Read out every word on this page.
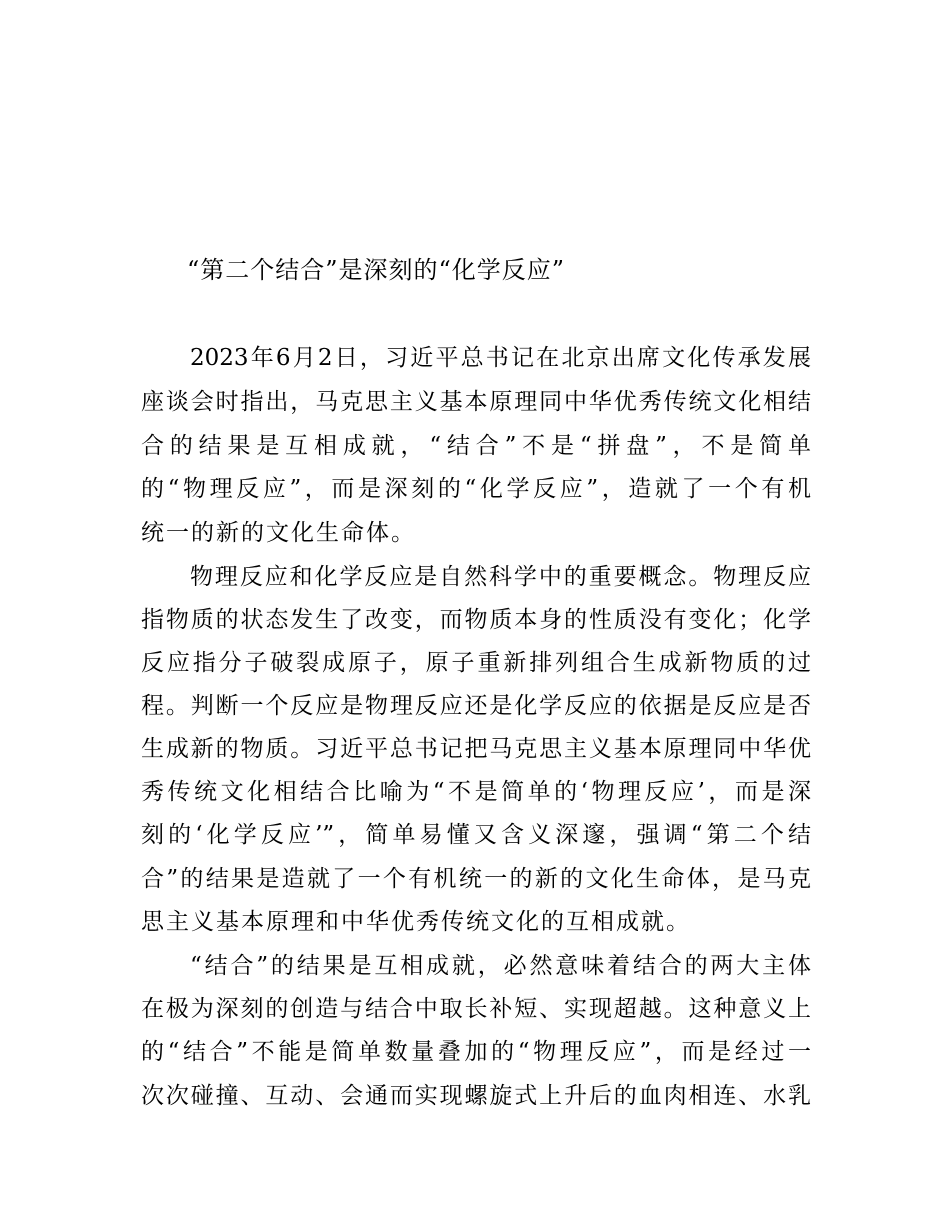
“第二个结合”是深刻的“化学反应”
2023年6月2日，习近平总书记在北京出席文化传承发展
座谈会时指出，马克思主义基本原理同中华优秀传统文化相结
合的结果是互相成就，“结合”不是“拼盘”，不是简单
的“物理反应”，而是深刻的“化学反应”，造就了一个有机
统一的新的文化生命体。
物理反应和化学反应是自然科学中的重要概念。物理反应
指物质的状态发生了改变，而物质本身的性质没有变化；化学
反应指分子破裂成原子，原子重新排列组合生成新物质的过
程。判断一个反应是物理反应还是化学反应的依据是反应是否
生成新的物质。习近平总书记把马克思主义基本原理同中华优
秀传统文化相结合比喻为“不是简单的‘物理反应’，而是深
刻的‘化学反应’”，简单易懂又含义深邃，强调“第二个结
合”的结果是造就了一个有机统一的新的文化生命体，是马克
思主义基本原理和中华优秀传统文化的互相成就。
“结合”的结果是互相成就，必然意味着结合的两大主体
在极为深刻的创造与结合中取长补短、实现超越。这种意义上
的“结合”不能是简单数量叠加的“物理反应”，而是经过一
次次碰撞、互动、会通而实现螺旋式上升后的血肉相连、水乳
